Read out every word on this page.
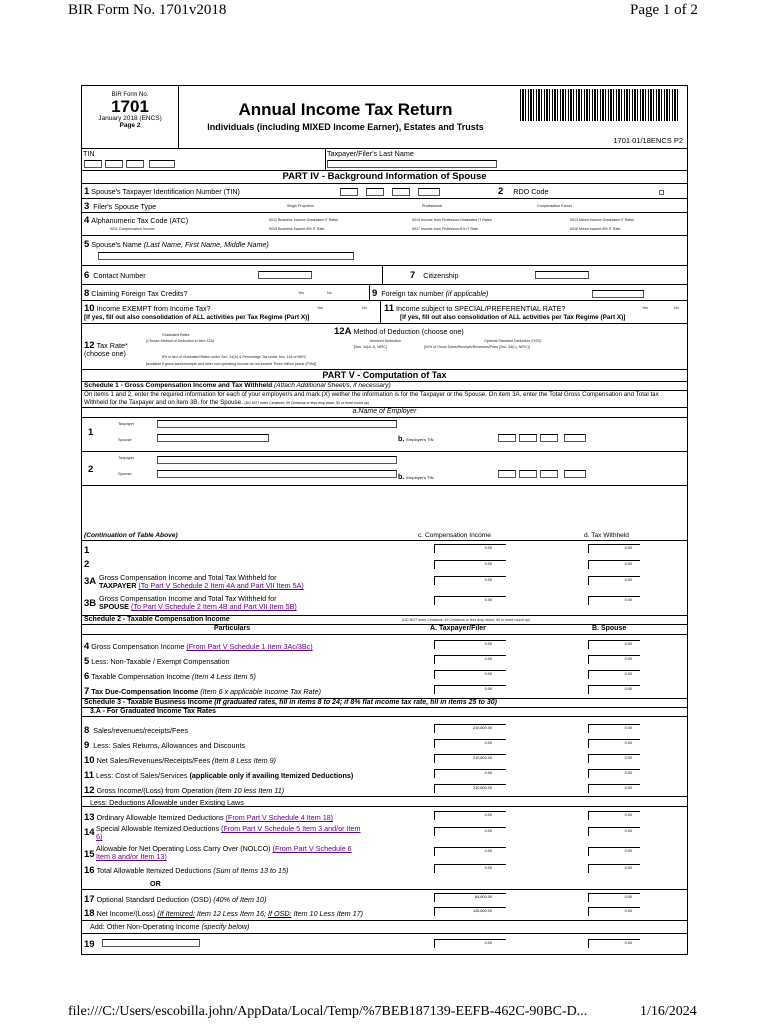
BIR Form No. 1701v2018	Page 1 of 2
BIR Form No.
1701
January 2018 (ENCS)
Page 2
Annual Income Tax Return
Individuals (including MIXED Income Earner), Estates and Trusts
1701 01/18ENCS P2
TIN	Taxpayer/Filer's Last Name
PART IV - Background Information of Spouse
1 Spouse's Taxpayer Identification Number (TIN)	2 RDO Code
3 Filer's Spouse Type	Single Proprietor	Professional	Compensation Earner
4 Alphanumeric Tax Code (ATC)
II011 Compensation Income
II012 Business Income-Graduated IT Rates
II015 Business Income-8% IT Rate
II014 Income from Profession-Graduated IT Rates
II017 Income from Profession-8% IT Rate
II013 Mixed Income-Graduated IT Rates
II016 Mixed Income-8% IT Rate
5 Spouse's Name (Last Name, First Name, Middle Name)
6 Contact Number	7 Citizenship
8 Claiming Foreign Tax Credits?	Yes	No	9 Foreign tax number (if applicable)
10 Income EXEMPT from Income Tax?	Yes	No
[If yes, fill out also consolidation of ALL activities per Tax Regime (Part X)]
11 Income subject to SPECIAL/PREFERENTIAL RATE?	Yes	No
[If yes, fill out also consolidation of ALL activities per Tax Regime (Part X)]
12 Tax Rate*
(choose one)
Graduated Rates
(Choose Method of Deduction in Item 12A)
8% in lieu of Graduated Rates under Sec. 24(A) & Percentage Tax under Sec. 116 of NIRC
[available if gross sales/receipts and other non-operating income do not exceed Three million pesos (P3M)]
12A Method of Deduction (choose one)
Itemized Deduction
[Sec. 34(A-J), NIRC]
Optional Standard Deduction (OSD)
[40% of Gross Sales/Receipts/Revenues/Fees (Sec. 34(L), NIRC)]
PART V - Computation of Tax
Schedule 1 - Gross Compensation Income and Tax Withheld (Attach Additional Sheet/s, if necessary)
On items 1 and 2, enter the required information for each of your employer/s and mark (X) wether the information is for the Taxpayer or the Spouse. On item 3A, enter the Total Gross Compensation and Total tax Withheld for the Taxpayer and on item 3B, for the Spouse. (DO NOT enter Centavos; 49 Centavos or less drop down; 50 or more round up)
a.Name of Employer
1
Taxpayer
Spouse	b. Employer's TIN
2
Taxpayer
Spouse	b. Employer's TIN
(Continuation of Table Above)	c. Compensation Income	d. Tax Withheld
1	0.00	0.00
2	0.00	0.00
3A Gross Compensation Income and Total Tax Withheld for
TAXPAYER (To Part V Schedule 2 Item 4A and Part VII Item 5A)
0.00	0.00
3B Gross Compensation Income and Total Tax Withheld for
SPOUSE (To Part V Schedule 2 Item 4B and Part VII Item 5B)
0.00	0.00
Schedule 2 - Taxable Compensation Income	(DO NOT enter Centavos; 49 Centavos or less drop down; 50 or more round up)
Particulars	A. Taxpayer/Filer	B. Spouse
4 Gross Compensation Income (From Part V Schedule 1 Item 3Ac/3Bc)	0.00	0.00
5 Less: Non-Taxable / Exempt Compensation	0.00	0.00
6 Taxable Compensation Income (Item 4 Less Item 5)	0.00	0.00
7 Tax Due-Compensation Income (Item 6 x applicable Income Tax Rate)	0.00	0.00
Schedule 3 - Taxable Business Income (If graduated rates, fill in items 8 to 24; if 8% flat income tax rate, fill in items 25 to 30)
3.A - For Graduated Income Tax Rates
8 Sales/revenues/receipts/Fees	210,800.00	0.00
9 Less: Sales Returns, Allowances and Discounts	0.00	0.00
10 Net Sales/Revenues/Receipts/Fees (Item 8 Less Item 9)	210,800.00	0.00
11 Less: Cost of Sales/Services (applicable only if availing Itemized Deductions)	0.00	0.00
12 Gross Income/(Loss) from Operation (Item 10 less Item 11)	210,800.00	0.00
Less: Deductions Allowable under Existing Laws
13 Ordinary Allowable Itemized Deductions (From Part V Schedule 4 Item 18)	0.00	0.00
14 Special Allowable Itemized Deductions (From Part V Schedule 5 Item 3 and/or Item
6)
0.00	0.00
15
Allowable for Net Operating Loss Carry Over (NOLCO) (From Part V Schedule 6
Item 8 and/or Item 13)
0.00	0.00
16 Total Allowable Itemized Deductions (Sum of Items 13 to 15)	0.00	0.00
OR
17 Optional Standard Deduction (OSD) (40% of Item 10)	84,800.00	0.00
18 Net Income/(Loss) (If Itemized: Item 12 Less Item 16; If OSD: Item 10 Less Item 17)	126,800.00	0.00
Add: Other Non-Operating Income (specify below)
19	0.00	0.00
file:///C:/Users/escobilla.john/AppData/Local/Temp/%7BEB187139-EEFB-462C-90BC-D...	1/16/2024
